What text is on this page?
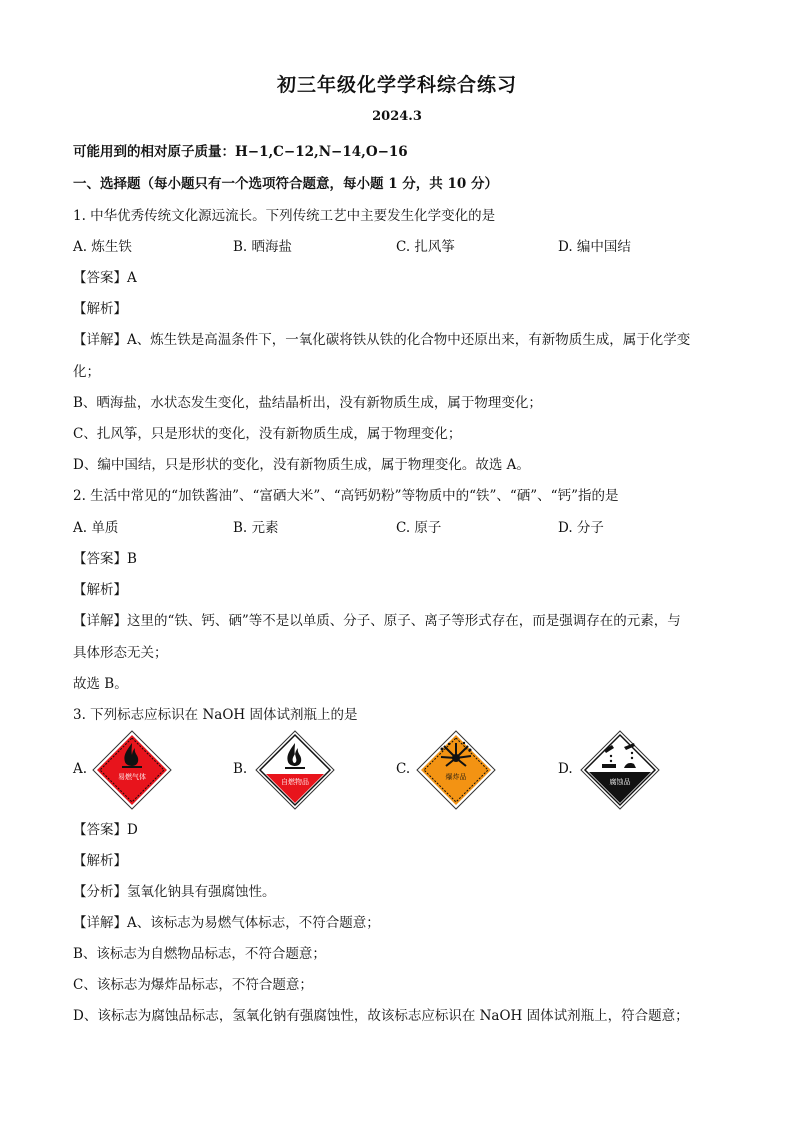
初三年级化学学科综合练习
2024.3
可能用到的相对原子质量：H−1,C−12,N−14,O−16
一、选择题（每小题只有一个选项符合题意，每小题 1 分，共 10 分）
1. 中华优秀传统文化源远流长。下列传统工艺中主要发生化学变化的是
A. 炼生铁	B. 晒海盐	C. 扎风筝	D. 编中国结
【答案】A
【解析】
【详解】A、炼生铁是高温条件下，一氧化碳将铁从铁的化合物中还原出来，有新物质生成，属于化学变
化；
B、晒海盐，水状态发生变化，盐结晶析出，没有新物质生成，属于物理变化；
C、扎风筝，只是形状的变化，没有新物质生成，属于物理变化；
D、编中国结，只是形状的变化，没有新物质生成，属于物理变化。故选 A。
2. 生活中常见的“加铁酱油”、“富硒大米”、“高钙奶粉”等物质中的“铁”、“硒”、“钙”指的是
A. 单质	B. 元素	C. 原子	D. 分子
【答案】B
【解析】
【详解】这里的“铁、钙、硒”等不是以单质、分子、原子、离子等形式存在，而是强调存在的元素，与
具体形态无关；
故选 B。
3. 下列标志应标识在 NaOH 固体试剂瓶上的是
A.	易燃气体	B.
自燃物品
C.	爆炸品	D.
腐蚀品
【答案】D
【解析】
【分析】氢氧化钠具有强腐蚀性。
【详解】A、该标志为易燃气体标志，不符合题意；
B、该标志为自燃物品标志，不符合题意；
C、该标志为爆炸品标志，不符合题意；
D、该标志为腐蚀品标志，氢氧化钠有强腐蚀性，故该标志应标识在 NaOH 固体试剂瓶上，符合题意；
